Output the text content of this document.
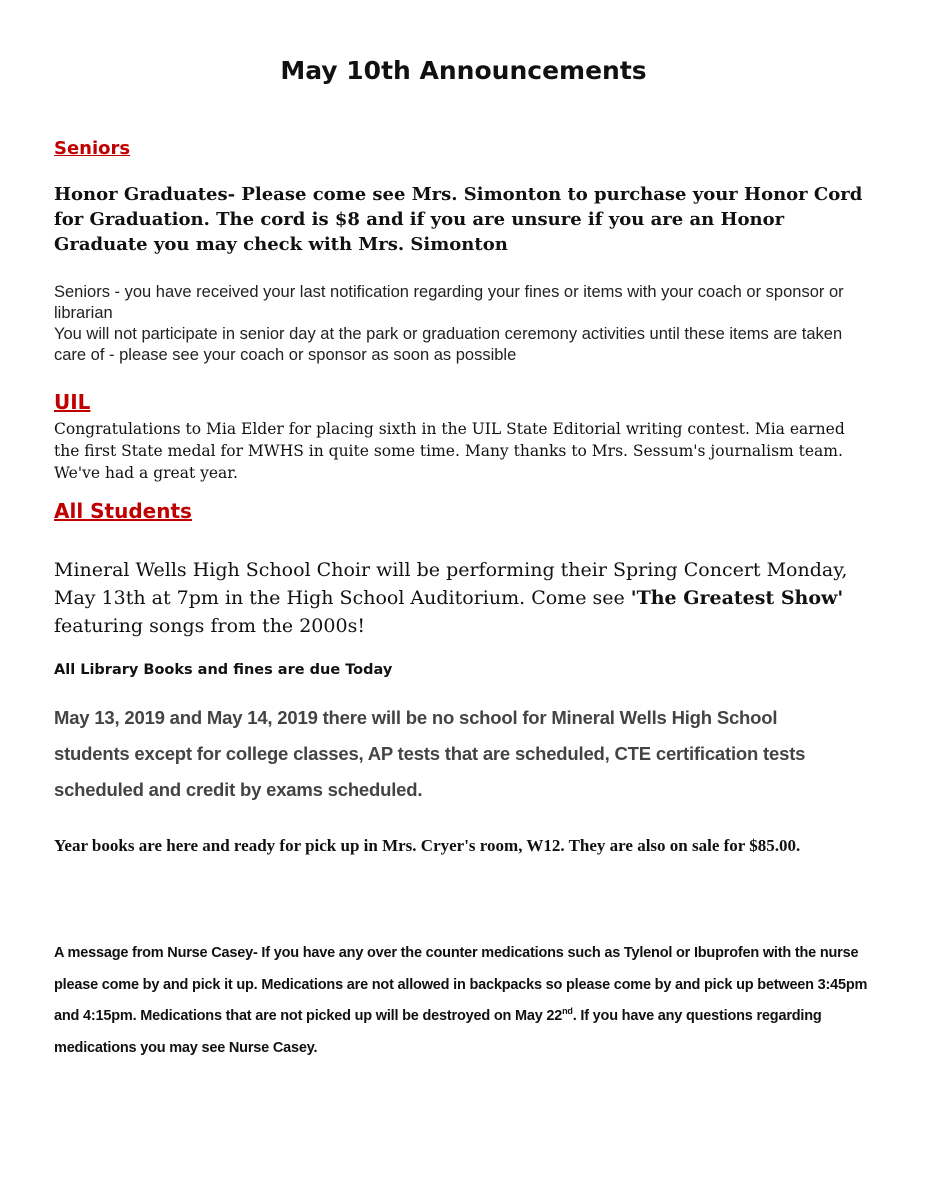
May 10th Announcements
Seniors
Honor Graduates- Please come see Mrs. Simonton to purchase your Honor Cord for Graduation. The cord is $8 and if you are unsure if you are an Honor Graduate you may check with Mrs. Simonton
Seniors - you have received your last notification regarding your fines or items with your coach or sponsor or librarian
You will not participate in senior day at the park or graduation ceremony activities until these items are taken care of - please see your coach or sponsor as soon as possible
UIL
Congratulations to Mia Elder for placing sixth in the UIL State Editorial writing contest. Mia earned the first State medal for MWHS in quite some time. Many thanks to Mrs. Sessum's journalism team. We've had a great year.
All Students
Mineral Wells High School Choir will be performing their Spring Concert Monday, May 13th at 7pm in the High School Auditorium. Come see 'The Greatest Show' featuring songs from the 2000s!
All Library Books and fines are due Today
May 13, 2019 and May 14, 2019 there will be no school for Mineral Wells High School students except for college classes, AP tests that are scheduled, CTE certification tests scheduled and credit by exams scheduled.
Year books are here and ready for pick up in Mrs. Cryer's room, W12. They are also on sale for $85.00.
A message from Nurse Casey- If you have any over the counter medications such as Tylenol or Ibuprofen with the nurse please come by and pick it up. Medications are not allowed in backpacks so please come by and pick up between 3:45pm and 4:15pm. Medications that are not picked up will be destroyed on May 22nd. If you have any questions regarding medications you may see Nurse Casey.
